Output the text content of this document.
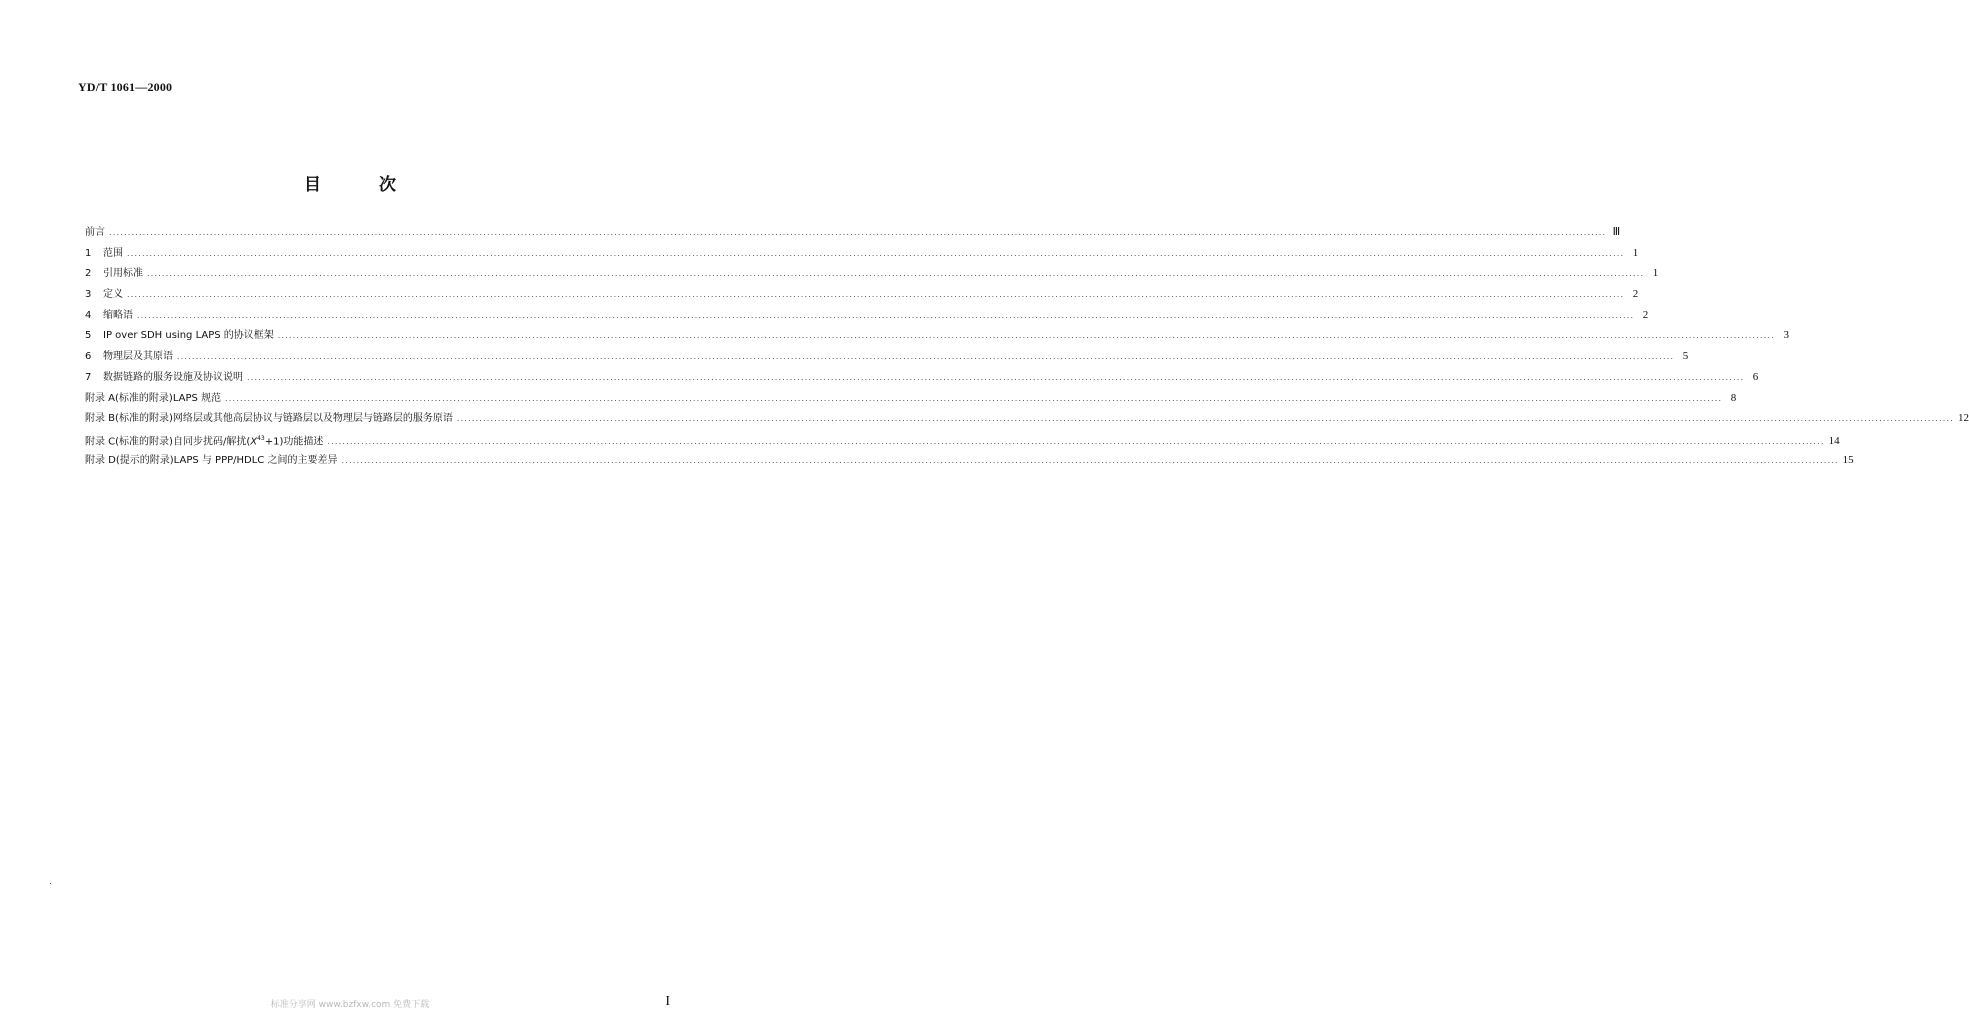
YD/T 1061—2000
目	次
前言 ................................................................................................................................................................................................................................................................................................................................................................................................................ Ⅲ
1	范围 ................................................................................................................................................................................................................................................................................................................................................................................................................ 1
2	引用标准 ................................................................................................................................................................................................................................................................................................................................................................................................................ 1
3	定义 ................................................................................................................................................................................................................................................................................................................................................................................................................ 2
4	缩略语 ................................................................................................................................................................................................................................................................................................................................................................................................................ 2
5	IP over SDH using LAPS 的协议框架 ................................................................................................................................................................................................................................................................................................................................................................................................................ 3
6	物理层及其原语 ................................................................................................................................................................................................................................................................................................................................................................................................................ 5
7	数据链路的服务设施及协议说明 ................................................................................................................................................................................................................................................................................................................................................................................................................ 6
附录 A(标准的附录)LAPS 规范 ................................................................................................................................................................................................................................................................................................................................................................................................................ 8
附录 B(标准的附录)网络层或其他高层协议与链路层以及物理层与链路层的服务原语 ................................................................................................................................................................................................................................................................................................................................................................................................................ 12
附录 C(标准的附录)自同步扰码/解扰$(X^{43}+1)$功能描述 ................................................................................................................................................................................................................................................................................................................................................................................................................ 14
附录 D(提示的附录)LAPS 与 PPP/HDLC 之间的主要差异 ................................................................................................................................................................................................................................................................................................................................................................................................................ 15
标准分享网 www.bzfxw.com 免费下载	I
